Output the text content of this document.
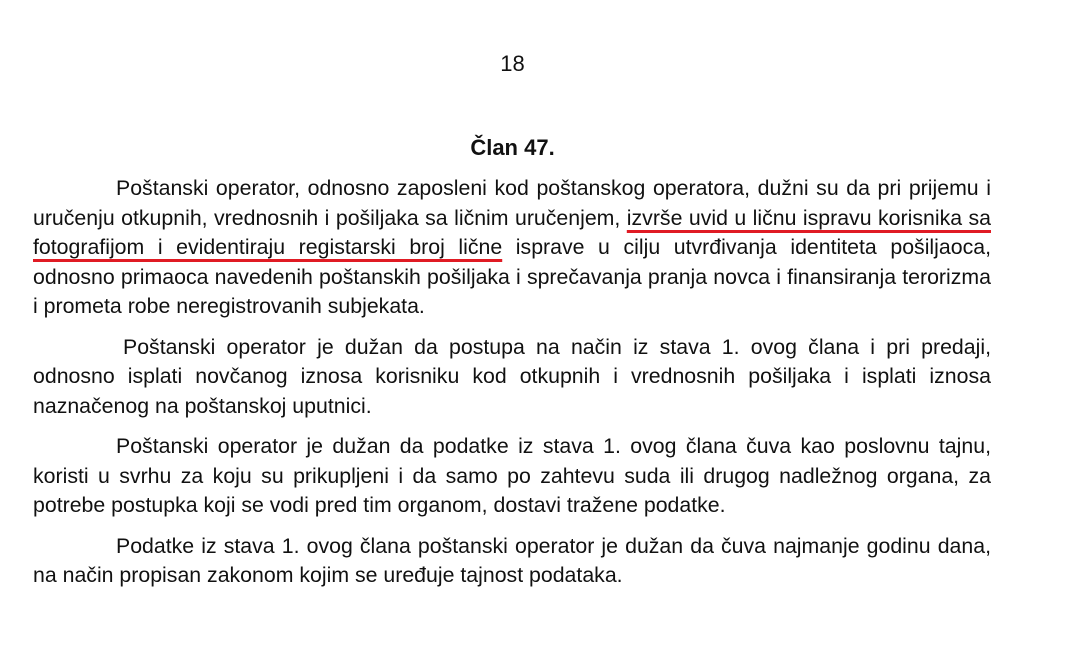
18
Član 47.

Poštanski operator, odnosno zaposleni kod poštanskog operatora, dužni su da pri prijemu i uručenju otkupnih, vrednosnih i pošiljaka sa ličnim uručenjem, izvrše uvid u ličnu ispravu korisnika sa fotografijom i evidentiraju registarski broj lične isprave u cilju utvrđivanja identiteta pošiljaoca, odnosno primaoca navedenih poštanskih pošiljaka i sprečavanja pranja novca i finansiranja terorizma i prometa robe neregistrovanih subjekata.

Poštanski operator je dužan da postupa na način iz stava 1. ovog člana i pri predaji, odnosno isplati novčanog iznosa korisniku kod otkupnih i vrednosnih pošiljaka i isplati iznosa naznačenog na poštanskoj uputnici.

Poštanski operator je dužan da podatke iz stava 1. ovog člana čuva kao poslovnu tajnu, koristi u svrhu za koju su prikupljeni i da samo po zahtevu suda ili drugog nadležnog organa, za potrebe postupka koji se vodi pred tim organom, dostavi tražene podatke.

Podatke iz stava 1. ovog člana poštanski operator je dužan da čuva najmanje godinu dana, na način propisan zakonom kojim se uređuje tajnost podataka.
